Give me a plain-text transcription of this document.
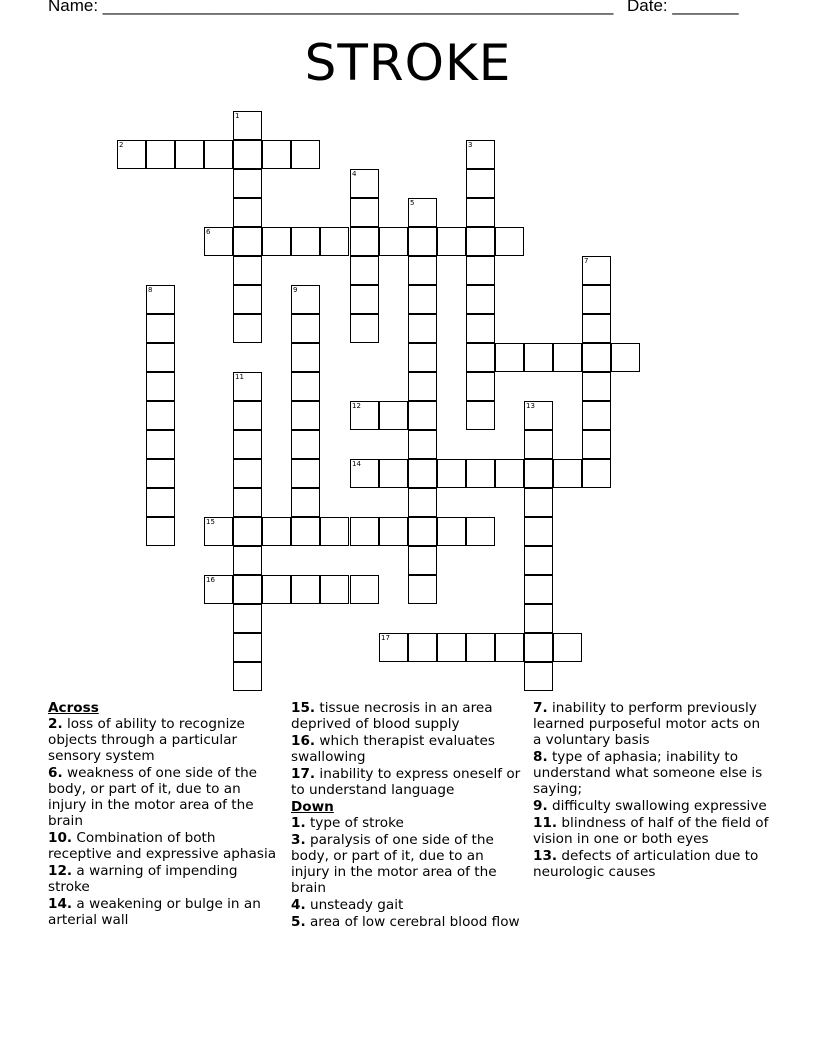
Name: ______________________________________________________ Date: _______
STROKE
2
1
3
4
5
6
7
8	9
11
12	13
14
15
16
17
Across
2. loss of ability to recognize objects through a particular sensory system
6. weakness of one side of the body, or part of it, due to an injury in the motor area of the brain
10. Combination of both receptive and expressive aphasia
12. a warning of impending stroke
14. a weakening or bulge in an arterial wall
15. tissue necrosis in an area deprived of blood supply
16. which therapist evaluates swallowing
17. inability to express oneself or to understand language
Down
1. type of stroke
3. paralysis of one side of the body, or part of it, due to an injury in the motor area of the brain
4. unsteady gait
5. area of low cerebral blood flow
7. inability to perform previously learned purposeful motor acts on a voluntary basis
8. type of aphasia; inability to understand what someone else is saying;
9. difficulty swallowing expressive
11. blindness of half of the field of vision in one or both eyes
13. defects of articulation due to neurologic causes
